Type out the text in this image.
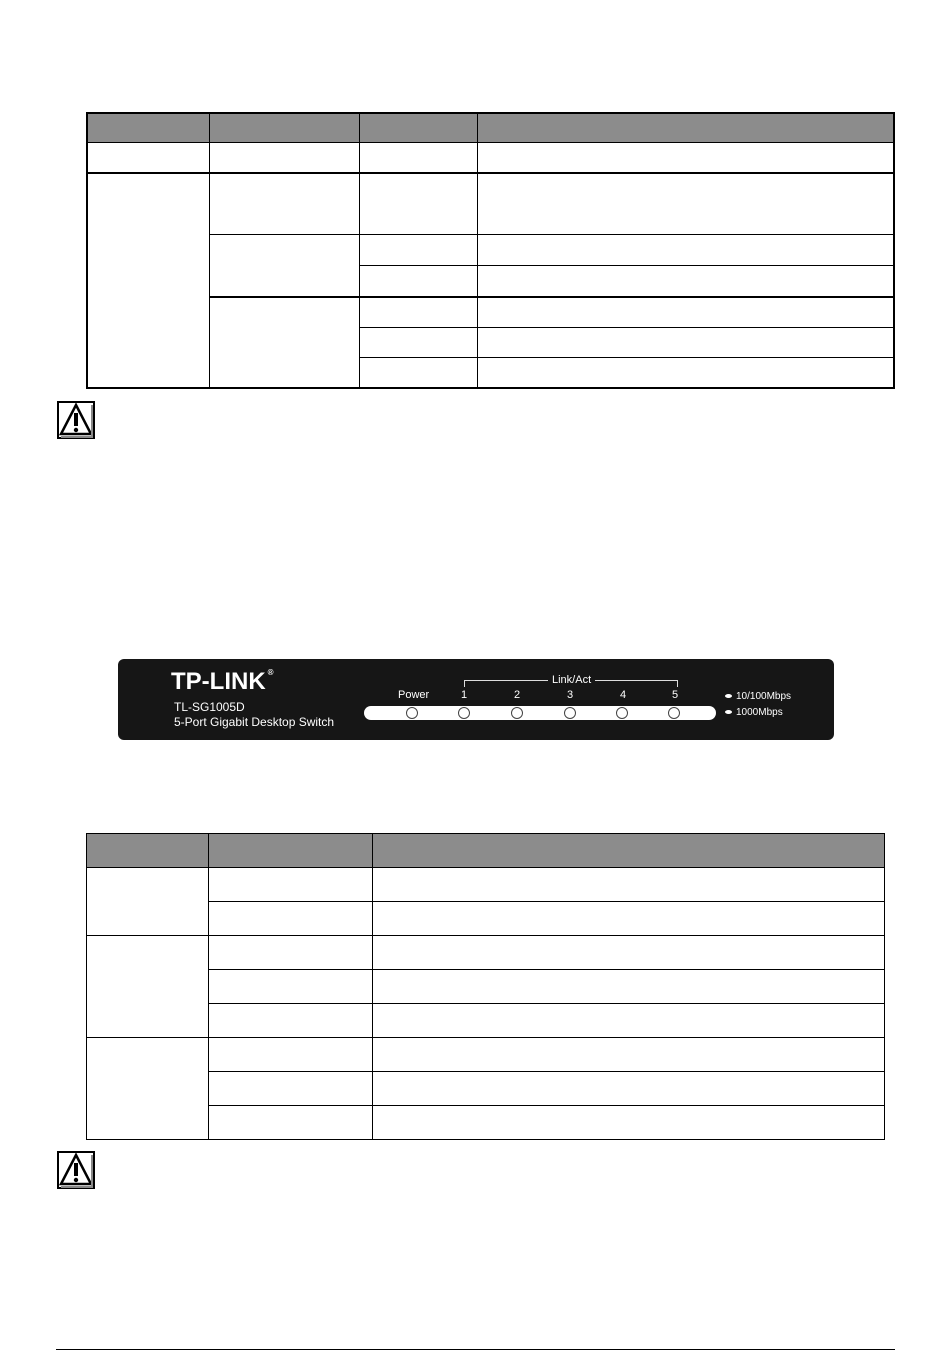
TP-LINK ®
TL-SG1005D
5-Port Gigabit Desktop Switch
Link/Act
Power	1	2	3	4	5	10/100Mbps
1000Mbps
